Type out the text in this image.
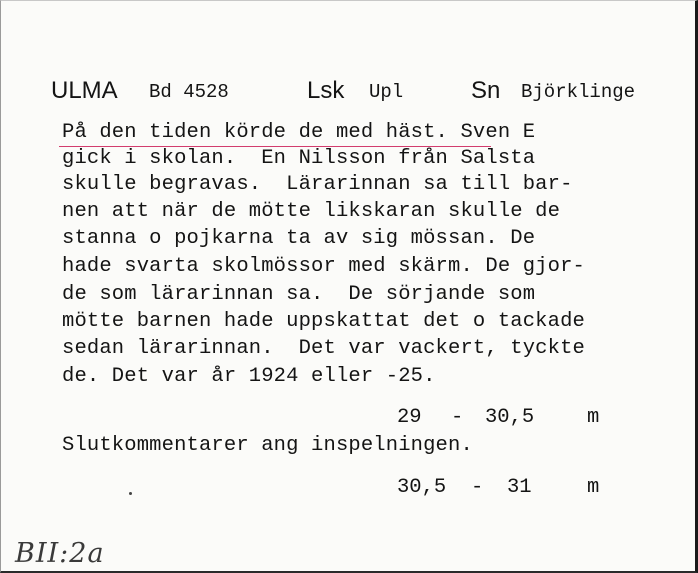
ULMA Bd 4528	Lsk Upl	Sn Björklinge
På den tiden körde de med häst. Sven E
gick i skolan.  En Nilsson från Salsta
skulle begravas.  Lärarinnan sa till bar-
nen att när de mötte likskaran skulle de
stanna o pojkarna ta av sig mössan. De
hade svarta skolmössor med skärm. De gjor-
de som lärarinnan sa.  De sörjande som
mötte barnen hade uppskattat det o tackade
sedan lärarinnan.  Det var vackert, tyckte
de. Det var år 1924 eller -25.
29 - 30,5	m
Slutkommentarer ang inspelningen.
30,5 - 31	m
BII:2a
